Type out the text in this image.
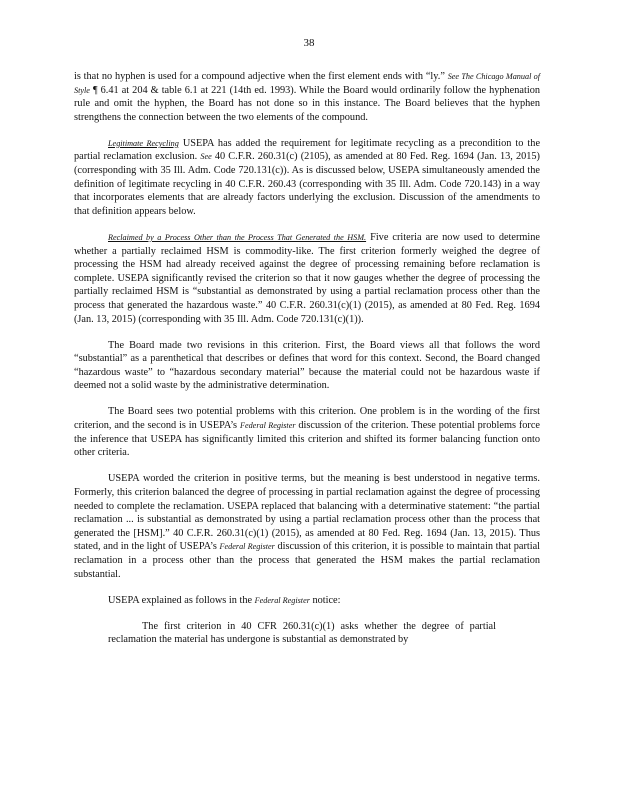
38

is that no hyphen is used for a compound adjective when the first element ends with “ly.” See The Chicago Manual of Style ¶ 6.41 at 204 & table 6.1 at 221 (14th ed. 1993). While the Board would ordinarily follow the hyphenation rule and omit the hyphen, the Board has not done so in this instance. The Board believes that the hyphen strengthens the connection between the two elements of the compound.

Legitimate Recycling USEPA has added the requirement for legitimate recycling as a precondition to the partial reclamation exclusion. See 40 C.F.R. 260.31(c) (2105), as amended at 80 Fed. Reg. 1694 (Jan. 13, 2015) (corresponding with 35 Ill. Adm. Code 720.131(c)). As is discussed below, USEPA simultaneously amended the definition of legitimate recycling in 40 C.F.R. 260.43 (corresponding with 35 Ill. Adm. Code 720.143) in a way that incorporates elements that are already factors underlying the exclusion. Discussion of the amendments to that definition appears below.

Reclaimed by a Process Other than the Process That Generated the HSM. Five criteria are now used to determine whether a partially reclaimed HSM is commodity-like. The first criterion formerly weighed the degree of processing the HSM had already received against the degree of processing remaining before reclamation is complete. USEPA significantly revised the criterion so that it now gauges whether the degree of processing the partially reclaimed HSM is “substantial as demonstrated by using a partial reclamation process other than the process that generated the hazardous waste.” 40 C.F.R. 260.31(c)(1) (2015), as amended at 80 Fed. Reg. 1694 (Jan. 13, 2015) (corresponding with 35 Ill. Adm. Code 720.131(c)(1)).

The Board made two revisions in this criterion. First, the Board views all that follows the word “substantial” as a parenthetical that describes or defines that word for this context. Second, the Board changed “hazardous waste” to “hazardous secondary material” because the material could not be hazardous waste if deemed not a solid waste by the administrative determination.

The Board sees two potential problems with this criterion. One problem is in the wording of the first criterion, and the second is in USEPA’s Federal Register discussion of the criterion. These potential problems force the inference that USEPA has significantly limited this criterion and shifted its former balancing function onto other criteria.

USEPA worded the criterion in positive terms, but the meaning is best understood in negative terms. Formerly, this criterion balanced the degree of processing in partial reclamation against the degree of processing needed to complete the reclamation. USEPA replaced that balancing with a determinative statement: “the partial reclamation ... is substantial as demonstrated by using a partial reclamation process other than the process that generated the [HSM].” 40 C.F.R. 260.31(c)(1) (2015), as amended at 80 Fed. Reg. 1694 (Jan. 13, 2015). Thus stated, and in the light of USEPA’s Federal Register discussion of this criterion, it is possible to maintain that partial reclamation in a process other than the process that generated the HSM makes the partial reclamation substantial.

USEPA explained as follows in the Federal Register notice:

The first criterion in 40 CFR 260.31(c)(1) asks whether the degree of partial reclamation the material has undergone is substantial as demonstrated by
